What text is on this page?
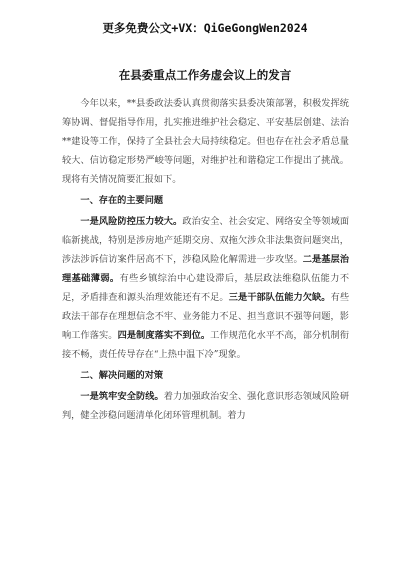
更多免费公文+VX：QiGeGongWen2024
在县委重点工作务虚会议上的发言

今年以来，**县委政法委认真贯彻落实县委决策部署，积极发挥统筹协调、督促指导作用，扎实推进维护社会稳定、平安基层创建、法治**建设等工作，保持了全县社会大局持续稳定。但也存在社会矛盾总量较大、信访稳定形势严峻等问题，对维护社和谐稳定工作提出了挑战。现将有关情况简要汇报如下。

一、存在的主要问题

一是风险防控压力较大。政治安全、社会安定、网络安全等领域面临新挑战，特别是涉房地产延期交房、双拖欠涉众非法集资问题突出，涉法涉诉信访案件居高不下，涉稳风险化解需进一步攻坚。二是基层治理基础薄弱。有些乡镇综治中心建设滞后，基层政法维稳队伍能力不足，矛盾排查和源头治理效能还有不足。三是干部队伍能力欠缺。有些政法干部存在理想信念不牢、业务能力不足、担当意识不强等问题，影响工作落实。四是制度落实不到位。工作规范化水平不高，部分机制衔接不畅，责任传导存在“上热中温下冷”现象。

二、解决问题的对策

一是筑牢安全防线。着力加强政治安全、强化意识形态领域风险研判，健全涉稳问题清单化闭环管理机制。着力
